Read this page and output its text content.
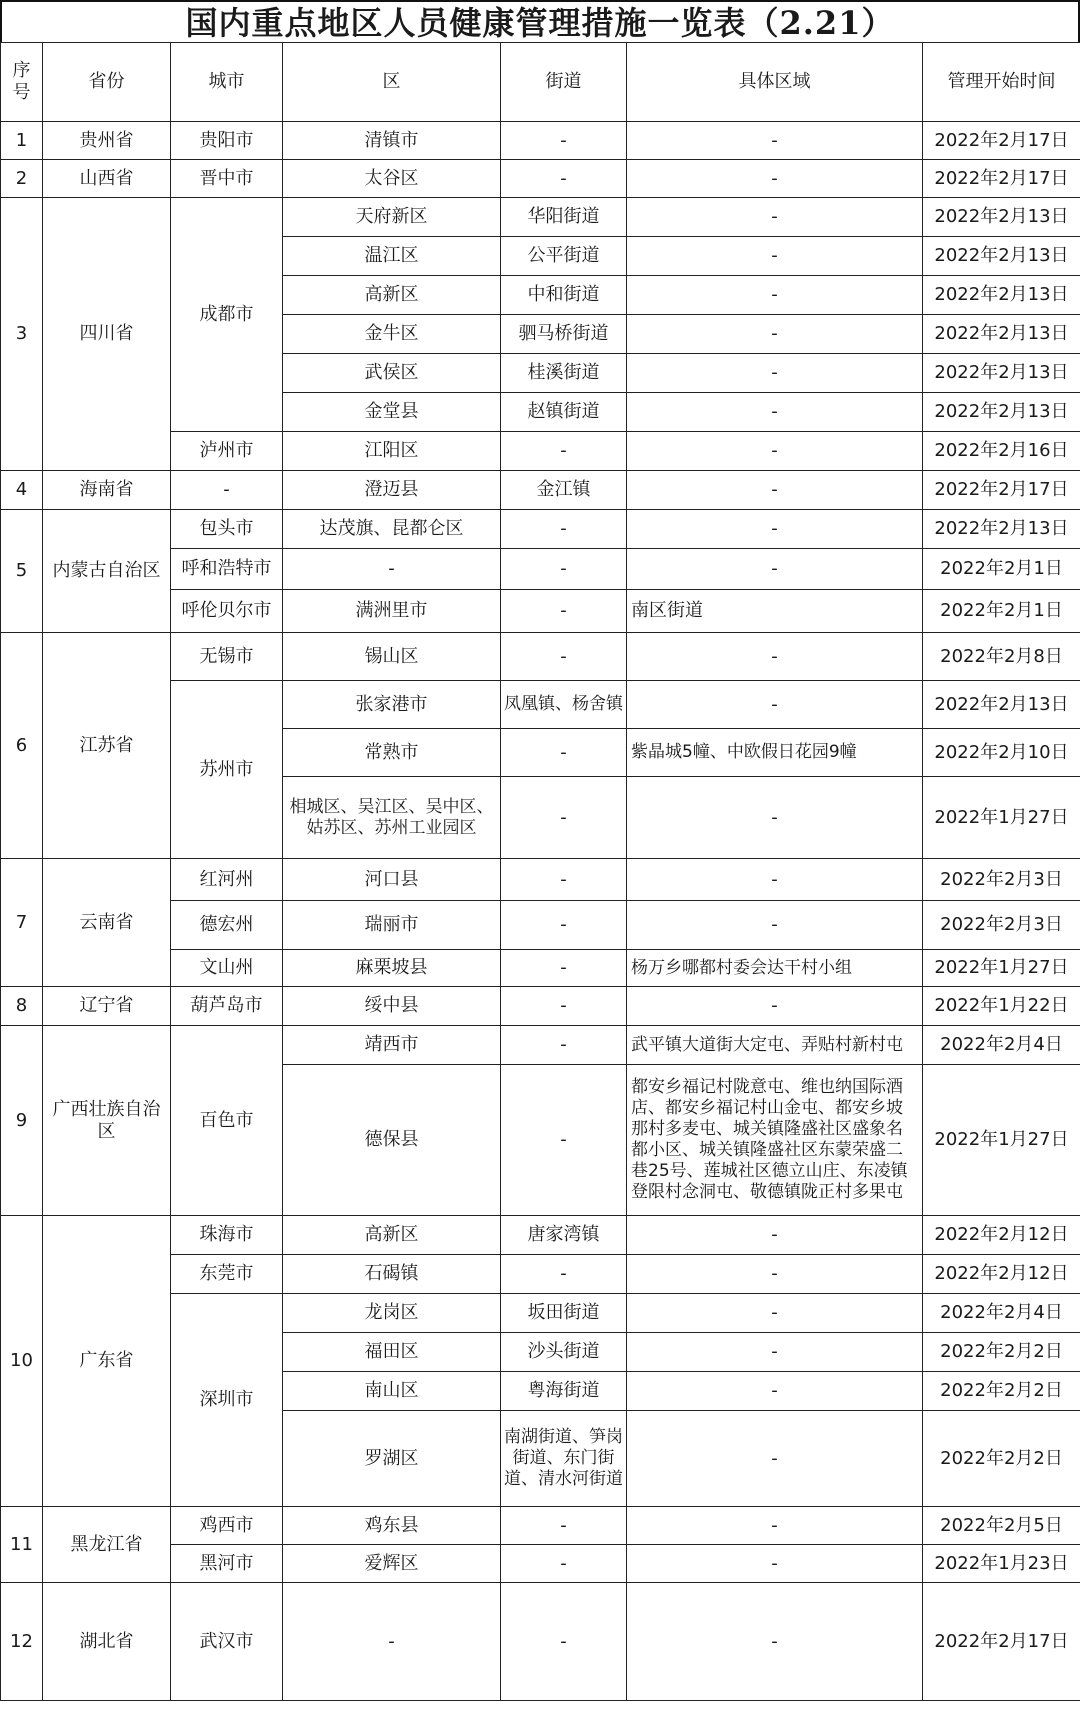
国内重点地区人员健康管理措施一览表（2.21）
序号	省份	城市	区	街道	具体区域	管理开始时间
1	贵州省	贵阳市	清镇市	-	-	2022年2月17日
2	山西省	晋中市	太谷区	-	-	2022年2月17日
3	四川省	成都市	天府新区	华阳街道	-	2022年2月13日
			温江区	公平街道	-	2022年2月13日
			高新区	中和街道	-	2022年2月13日
			金牛区	驷马桥街道	-	2022年2月13日
			武侯区	桂溪街道	-	2022年2月13日
			金堂县	赵镇街道	-	2022年2月13日
		泸州市	江阳区	-	-	2022年2月16日
4	海南省	-	澄迈县	金江镇	-	2022年2月17日
5	内蒙古自治区	包头市	达茂旗、昆都仑区	-	-	2022年2月13日
		呼和浩特市	-	-	-	2022年2月1日
		呼伦贝尔市	满洲里市	-	南区街道	2022年2月1日
6	江苏省	无锡市	锡山区	-	-	2022年2月8日
		苏州市	张家港市	凤凰镇、杨舍镇	-	2022年2月13日
			常熟市	-	紫晶城5幢、中欧假日花园9幢	2022年2月10日
			相城区、吴江区、吴中区、姑苏区、苏州工业园区	-	-	2022年1月27日
7	云南省	红河州	河口县	-	-	2022年2月3日
		德宏州	瑞丽市	-	-	2022年2月3日
		文山州	麻栗坡县	-	杨万乡哪都村委会达干村小组	2022年1月27日
8	辽宁省	葫芦岛市	绥中县	-	-	2022年1月22日
9	广西壮族自治区	百色市	靖西市	-	武平镇大道街大定屯、弄贴村新村屯	2022年2月4日
			德保县	-	都安乡福记村陇意屯、维也纳国际酒店、都安乡福记村山金屯、都安乡坡那村多麦屯、城关镇隆盛社区盛象名都小区、城关镇隆盛社区东蒙荣盛二巷25号、莲城社区德立山庄、东凌镇登限村念洞屯、敬德镇陇正村多果屯	2022年1月27日
10	广东省	珠海市	高新区	唐家湾镇	-	2022年2月12日
		东莞市	石碣镇	-	-	2022年2月12日
		深圳市	龙岗区	坂田街道	-	2022年2月4日
			福田区	沙头街道	-	2022年2月2日
			南山区	粤海街道	-	2022年2月2日
			罗湖区	南湖街道、笋岗街道、东门街道、清水河街道	-	2022年2月2日
11	黑龙江省	鸡西市	鸡东县	-	-	2022年2月5日
		黑河市	爱辉区	-	-	2022年1月23日
12	湖北省	武汉市	-	-	-	2022年2月17日
